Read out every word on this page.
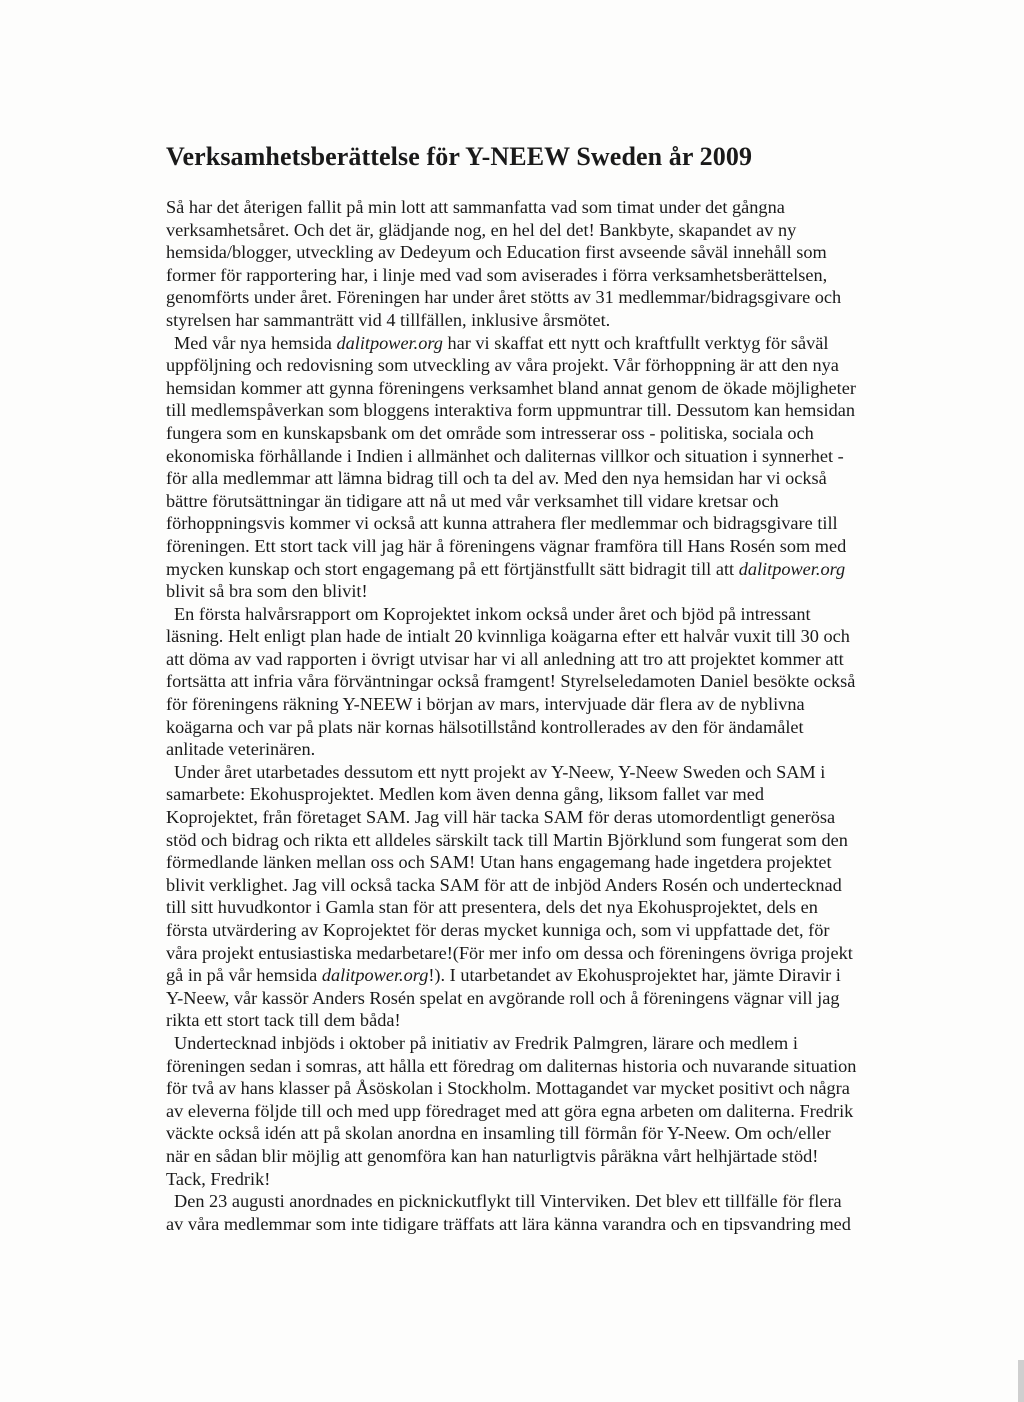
Verksamhetsberättelse för Y-NEEW Sweden år 2009

Så har det återigen fallit på min lott att sammanfatta vad som timat under det gångna
verksamhetsåret. Och det är, glädjande nog, en hel del det! Bankbyte, skapandet av ny
hemsida/blogger, utveckling av Dedeyum och Education first avseende såväl innehåll som
former för rapportering har, i linje med vad som aviserades i förra verksamhetsberättelsen,
genomförts under året. Föreningen har under året stötts av 31 medlemmar/bidragsgivare och
styrelsen har sammanträtt vid 4 tillfällen, inklusive årsmötet.

Med vår nya hemsida dalitpower.org har vi skaffat ett nytt och kraftfullt verktyg för såväl
uppföljning och redovisning som utveckling av våra projekt. Vår förhoppning är att den nya
hemsidan kommer att gynna föreningens verksamhet bland annat genom de ökade möjligheter
till medlemspåverkan som bloggens interaktiva form uppmuntrar till. Dessutom kan hemsidan
fungera som en kunskapsbank om det område som intresserar oss - politiska, sociala och
ekonomiska förhållande i Indien i allmänhet och daliternas villkor och situation i synnerhet -
för alla medlemmar att lämna bidrag till och ta del av. Med den nya hemsidan har vi också
bättre förutsättningar än tidigare att nå ut med vår verksamhet till vidare kretsar och
förhoppningsvis kommer vi också att kunna attrahera fler medlemmar och bidragsgivare till
föreningen. Ett stort tack vill jag här å föreningens vägnar framföra till Hans Rosén som med
mycken kunskap och stort engagemang på ett förtjänstfullt sätt bidragit till att dalitpower.org
blivit så bra som den blivit!

En första halvårsrapport om Koprojektet inkom också under året och bjöd på intressant
läsning. Helt enligt plan hade de intialt 20 kvinnliga koägarna efter ett halvår vuxit till 30 och
att döma av vad rapporten i övrigt utvisar har vi all anledning att tro att projektet kommer att
fortsätta att infria våra förväntningar också framgent! Styrelseledamoten Daniel besökte också
för föreningens räkning Y-NEEW i början av mars, intervjuade där flera av de nyblivna
koägarna och var på plats när kornas hälsotillstånd kontrollerades av den för ändamålet
anlitade veterinären.

Under året utarbetades dessutom ett nytt projekt av Y-Neew, Y-Neew Sweden och SAM i
samarbete: Ekohusprojektet. Medlen kom även denna gång, liksom fallet var med
Koprojektet, från företaget SAM. Jag vill här tacka SAM för deras utomordentligt generösa
stöd och bidrag och rikta ett alldeles särskilt tack till Martin Björklund som fungerat som den
förmedlande länken mellan oss och SAM! Utan hans engagemang hade ingetdera projektet
blivit verklighet. Jag vill också tacka SAM för att de inbjöd Anders Rosén och undertecknad
till sitt huvudkontor i Gamla stan för att presentera, dels det nya Ekohusprojektet, dels en
första utvärdering av Koprojektet för deras mycket kunniga och, som vi uppfattade det, för
våra projekt entusiastiska medarbetare!(För mer info om dessa och föreningens övriga projekt
gå in på vår hemsida dalitpower.org!). I utarbetandet av Ekohusprojektet har, jämte Diravir i
Y-Neew, vår kassör Anders Rosén spelat en avgörande roll och å föreningens vägnar vill jag
rikta ett stort tack till dem båda!

Undertecknad inbjöds i oktober på initiativ av Fredrik Palmgren, lärare och medlem i
föreningen sedan i somras, att hålla ett föredrag om daliternas historia och nuvarande situation
för två av hans klasser på Åsöskolan i Stockholm. Mottagandet var mycket positivt och några
av eleverna följde till och med upp föredraget med att göra egna arbeten om daliterna. Fredrik
väckte också idén att på skolan anordna en insamling till förmån för Y-Neew. Om och/eller
när en sådan blir möjlig att genomföra kan han naturligtvis påräkna vårt helhjärtade stöd!
Tack, Fredrik!

Den 23 augusti anordnades en picknickutflykt till Vinterviken. Det blev ett tillfälle för flera
av våra medlemmar som inte tidigare träffats att lära känna varandra och en tipsvandring med
